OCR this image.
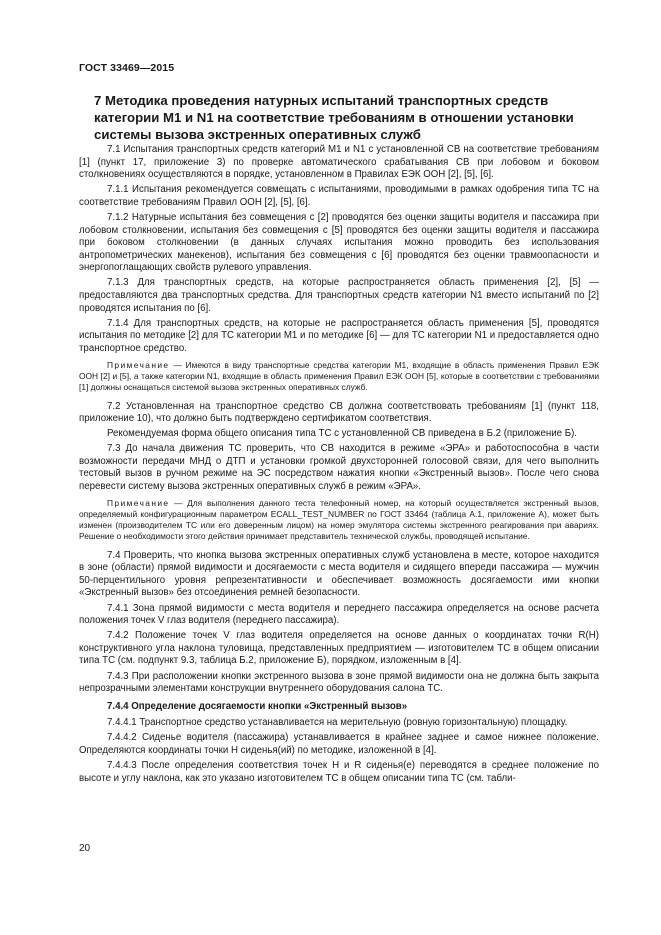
ГОСТ 33469—2015
7 Методика проведения натурных испытаний транспортных средств категории M1 и N1 на соответствие требованиям в отношении установки системы вызова экстренных оперативных служб

7.1 Испытания транспортных средств категорий M1 и N1 с установленной СВ на соответствие требованиям [1] (пункт 17, приложение 3) по проверке автоматического срабатывания СВ при лобовом и боковом столкновениях осуществляются в порядке, установленном в Правилах ЕЭК ООН [2], [5], [6].

7.1.1 Испытания рекомендуется совмещать с испытаниями, проводимыми в рамках одобрения типа ТС на соответствие требованиям Правил ООН [2], [5], [6].

7.1.2 Натурные испытания без совмещения с [2] проводятся без оценки защиты водителя и пассажира при лобовом столкновении, испытания без совмещения с [5] проводятся без оценки защиты водителя и пассажира при боковом столкновении (в данных случаях испытания можно проводить без использования антропометрических манекенов), испытания без совмещения с [6] проводятся без оценки травмоопасности и энергопоглащающих свойств рулевого управления.

7.1.3 Для транспортных средств, на которые распространяется область применения [2], [5] — предоставляются два транспортных средства. Для транспортных средств категории N1 вместо испытаний по [2] проводятся испытания по [6].

7.1.4 Для транспортных средств, на которые не распространяется область применения [5], проводятся испытания по методике [2] для ТС категории M1 и по методике [6] — для ТС категории N1 и предоставляется одно транспортное средство.

Примечание — Имеются в виду транспортные средства категории M1, входящие в область применения Правил ЕЭК ООН [2] и [5], а также категории N1, входящие в область применения Правил ЕЭК ООН [5], которые в соответствии с требованиями [1] должны оснащаться системой вызова экстренных оперативных служб.

7.2 Установленная на транспортное средство СВ должна соответствовать требованиям [1] (пункт 118, приложение 10), что должно быть подтверждено сертификатом соответствия.

Рекомендуемая форма общего описания типа ТС с установленной СВ приведена в Б.2 (приложение Б).

7.3 До начала движения ТС проверить, что СВ находится в режиме «ЭРА» и работоспособна в части возможности передачи МНД о ДТП и установки громкой двухсторонней голосовой связи, для чего выполнить тестовый вызов в ручном режиме на ЭС посредством нажатия кнопки «Экстренный вызов». После чего снова перевести систему вызова экстренных оперативных служб в режим «ЭРА».

Примечание — Для выполнения данного теста телефонный номер, на который осуществляется экстренный вызов, определяемый конфигурационным параметром ECALL_TEST_NUMBER по ГОСТ 33464 (таблица А.1, приложение А), может быть изменен (производителем ТС или его доверенным лицом) на номер эмулятора системы экстренного реагирования при авариях. Решение о необходимости этого действия принимает представитель технической службы, проводящей испытание.

7.4 Проверить, что кнопка вызова экстренных оперативных служб установлена в месте, которое находится в зоне (области) прямой видимости и досягаемости с места водителя и сидящего впереди пассажира — мужчин 50-перцентильного уровня репрезентативности и обеспечивает возможность досягаемости ими кнопки «Экстренный вызов» без отсоединения ремней безопасности.

7.4.1 Зона прямой видимости с места водителя и переднего пассажира определяется на основе расчета положения точек V глаз водителя (переднего пассажира).

7.4.2 Положение точек V глаз водителя определяется на основе данных о координатах точки R(H) конструктивного угла наклона туловища, представленных предприятием — изготовителем ТС в общем описании типа ТС (см. подпункт 9.3, таблица Б.2, приложение Б), порядком, изложенным в [4].

7.4.3 При расположении кнопки экстренного вызова в зоне прямой видимости она не должна быть закрыта непрозрачными элементами конструкции внутреннего оборудования салона ТС.

7.4.4 Определение досягаемости кнопки «Экстренный вызов»

7.4.4.1 Транспортное средство устанавливается на мерительную (ровную горизонтальную) площадку.

7.4.4.2 Сиденье водителя (пассажира) устанавливается в крайнее заднее и самое нижнее положение. Определяются координаты точки H сиденья(ий) по методике, изложенной в [4].

7.4.4.3 После определения соответствия точек H и R сиденья(е) переводятся в среднее положение по высоте и углу наклона, как это указано изготовителем ТС в общем описании типа ТС (см. табли-

20
